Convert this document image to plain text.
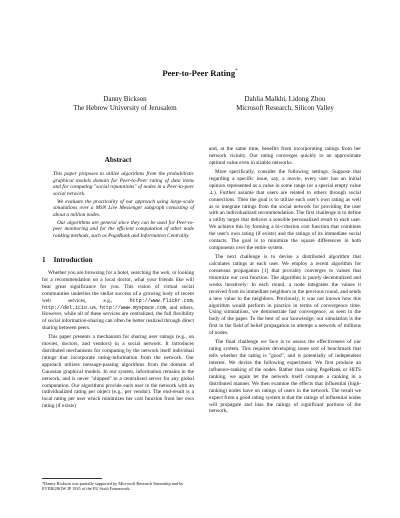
Peer-to-Peer Rating*
Danny Bickson
The Hebrew University of Jerusalem
Dahlia Malkhi, Lidong Zhou
Microsoft Research, Silicon Valley
Abstract

This paper proposes to utilize algorithms from the probabilistic graphical models domain for Peer-to-Peer rating of data items and for computing "social reputations" of nodes in a Peer-to-peer social network.

We evaluate the practicality of our approach using large-scale simulations over a MSN Live Messenger subgraph consisting of about a million nodes.

Our algorithms are general since they can be used for Peer-to-peer monitoring and for the efficient computation of other node ranking methods, such as PageRank and Information Centrality.

1 Introduction

Whether you are browsing for a hotel, searching the web, or looking for a recommendation on a local doctor, what your friends like will bear great significance for you. This vision of virtual social communities underlies the stellar success of a growing body of recent web services, e.g.,	http://www.flickr.com, http://del.icio.us, http://www.myspace.com, and others. However, while all of these services are centralized, the full flexibility of social information-sharing can often be better realized through direct sharing between peers.

This paper presents a mechanism for sharing user ratings (e.g., on movies, doctors, and vendors) in a social network. It introduces distributed mechanisms for computing by the network itself individual ratings that incorporate rating-information from the network. Our approach utilizes message-passing algorithms from the domain of Gaussian graphical models. In our system, information remains in the network, and is never "shipped" to a centralized server for any global computation. Our algorithms provide each user in the network with an individualized rating per object (e.g., per vendor). The end-result is a local rating per user which minimizes her cost function from her own rating (if exists)

*Danny Bickson was partially supported by Microsoft Research Internship and by EVERGROW IP 1935 of the EU Sixth Framework.

and, at the same time, benefits from incorporating ratings from her network vicinity. Our rating converges quickly to an approximate optimal value even in sizable networks.

More specifically, consider the following settings. Suppose that regarding a specific issue, say, a movie, every user has an initial opinion represented as a value in some range (or a special empty value ⊥). Further assume that users are related to others through social connections. Then the goal is to utilize each user's own rating as well as to integrate ratings from the social network for providing the user with an individualized recommendation. The first challenge is to define a utility target that delivers a sensible personalized result to each user. We achieve this by forming a bi-criterion cost function that combines the user's own rating (if exists) and the ratings of its immediate social contacts. The goal is to minimize the square differences in both components over the entire system.

The next challenge is to devise a distributed algorithm that calculates ratings at each user. We employ a recent algorithm for consensus propagation [1] that provably converges to values that minimize our cost function. The algorithm is purely decentralized and works iteratively: In each round, a node integrates the values it received from its immediate neighbors in the previous round, and sends a new value to the neighbors. Previously, it was not known how this algorithm would perform in practice in terms of convergence time. Using simulations, we demonstrate fast convergence, as seen in the body of the paper. To the best of our knowledge, our simulation is the first in the field of belief propagation to attempt a network of millions of nodes.

The final challenge we face is to assess the effectiveness of our rating system. This requires developing some sort of benchmark that tells whether the rating is "good", and is potentially of independent interest. We devise the following experiment. We first produce an influence-ranking of the nodes. Rather than using PageRank or HITS ranking, we again let the network itself compute a ranking in a distributed manner. We then examine the effects that influential (high-ranking) nodes have on ratings of users in the network. The result we expect from a good rating system is that the ratings of influential nodes will propagate and bias the ratings of significant portions of the network,
